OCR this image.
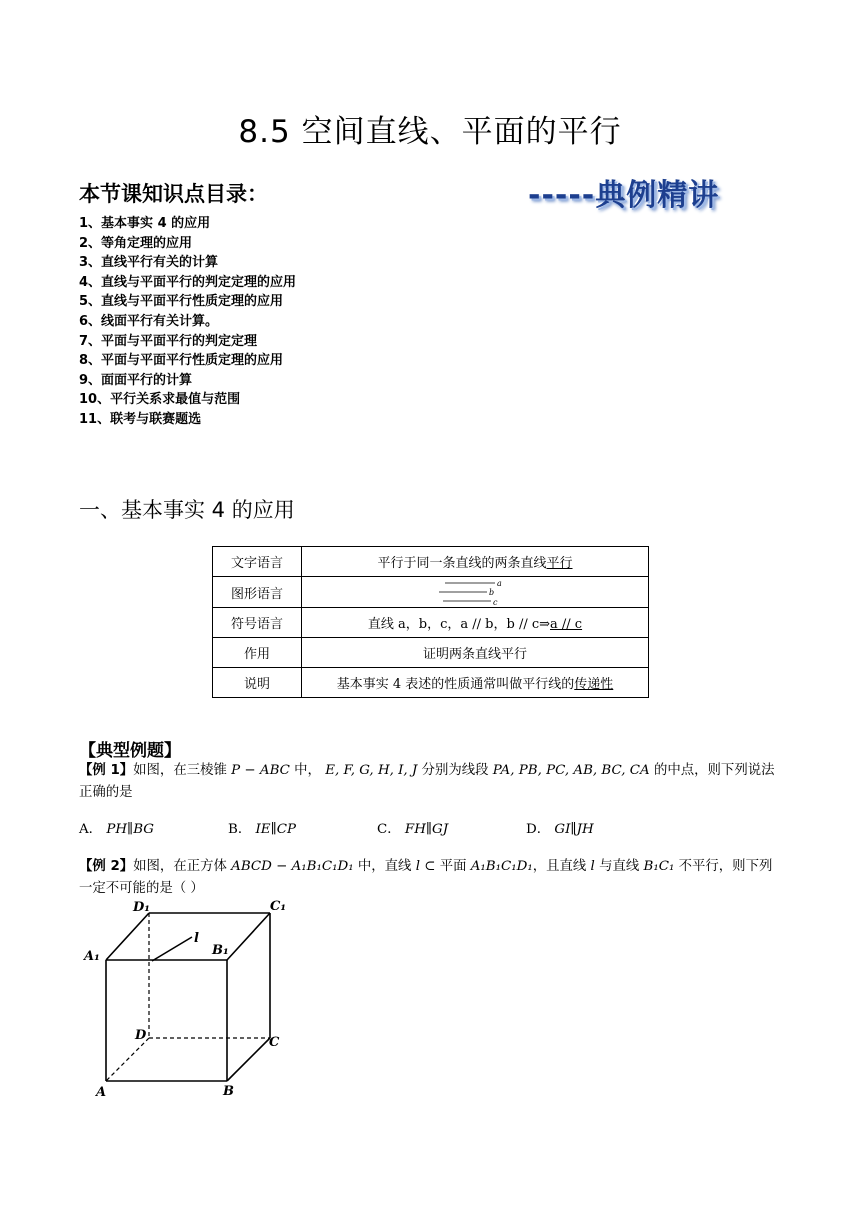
8.5 空间直线、平面的平行
本节课知识点目录：	-----典例精讲
1、基本事实 4 的应用
2、等角定理的应用
3、直线平行有关的计算
4、直线与平面平行的判定定理的应用
5、直线与平面平行性质定理的应用
6、线面平行有关计算。
7、平面与平面平行的判定定理
8、平面与平面平行性质定理的应用
9、面面平行的计算
10、平行关系求最值与范围
11、联考与联赛题选
一、基本事实 4 的应用
文字语言	平行于同一条直线的两条直线平行
图形语言	a
b
c

符号语言	直线 a，b，c，a // b，b // c⇒a // c
作用	证明两条直线平行
说明	基本事实 4 表述的性质通常叫做平行线的传递性
【典型例题】
【例 1】如图，在三棱锥 P − ABC 中， E, F, G, H, I, J 分别为线段 PA, PB, PC, AB, BC, CA 的中点，则下列说法正确的是
A． PH∥BG	B． IE∥CP	C． FH∥GJ	D． GI∥JH
【例 2】如图，在正方体 ABCD − A₁B₁C₁D₁ 中，直线 l ⊂ 平面 A₁B₁C₁D₁，且直线 l 与直线 B₁C₁ 不平行，则下列一定不可能的是（ ）
D₁	C₁
A₁	B₁
l
D	C
A	B
